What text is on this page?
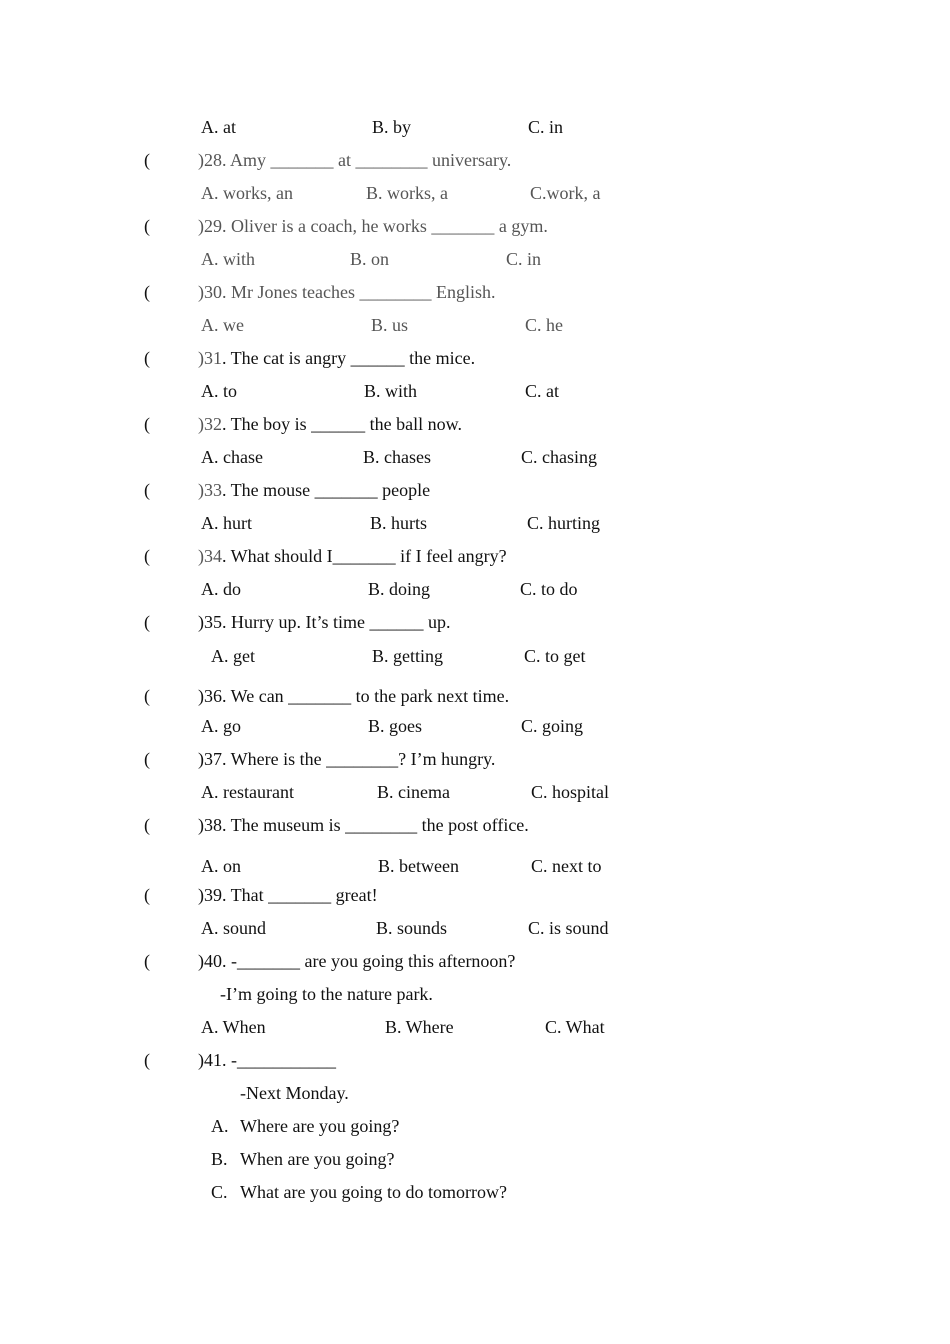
A. at	B. by	C. in
(	)28. Amy _______ at ________ universary.
A. works, an	B. works, a	C.work, a
(	)29. Oliver is a coach, he works _______ a gym.
A. with	B. on	C. in
(	)30. Mr Jones teaches ________ English.
A. we	B. us	C. he
(	)31. The cat is angry ______ the mice.
A. to	B. with	C. at
(	)32. The boy is ______ the ball now.
A. chase	B. chases	C. chasing
(	)33. The mouse _______ people
A. hurt	B. hurts	C. hurting
(	)34. What should I_______ if I feel angry?
A. do	B. doing	C. to do
(	)35. Hurry up. It’s time ______ up.
A. get	B. getting	C. to get
(	)36. We can _______ to the park next time.
A. go	B. goes	C. going
(	)37. Where is the ________? I’m hungry.
A. restaurant	B. cinema	C. hospital
(	)38. The museum is ________ the post office.
A. on	B. between	C. next to
(	)39. That _______ great!
A. sound	B. sounds	C. is sound
(	)40. -_______ are you going this afternoon?
-I’m going to the nature park.
A. When	B. Where	C. What
(	)41. -___________
-Next Monday.
A. Where are you going?
B. When are you going?
C. What are you going to do tomorrow?
